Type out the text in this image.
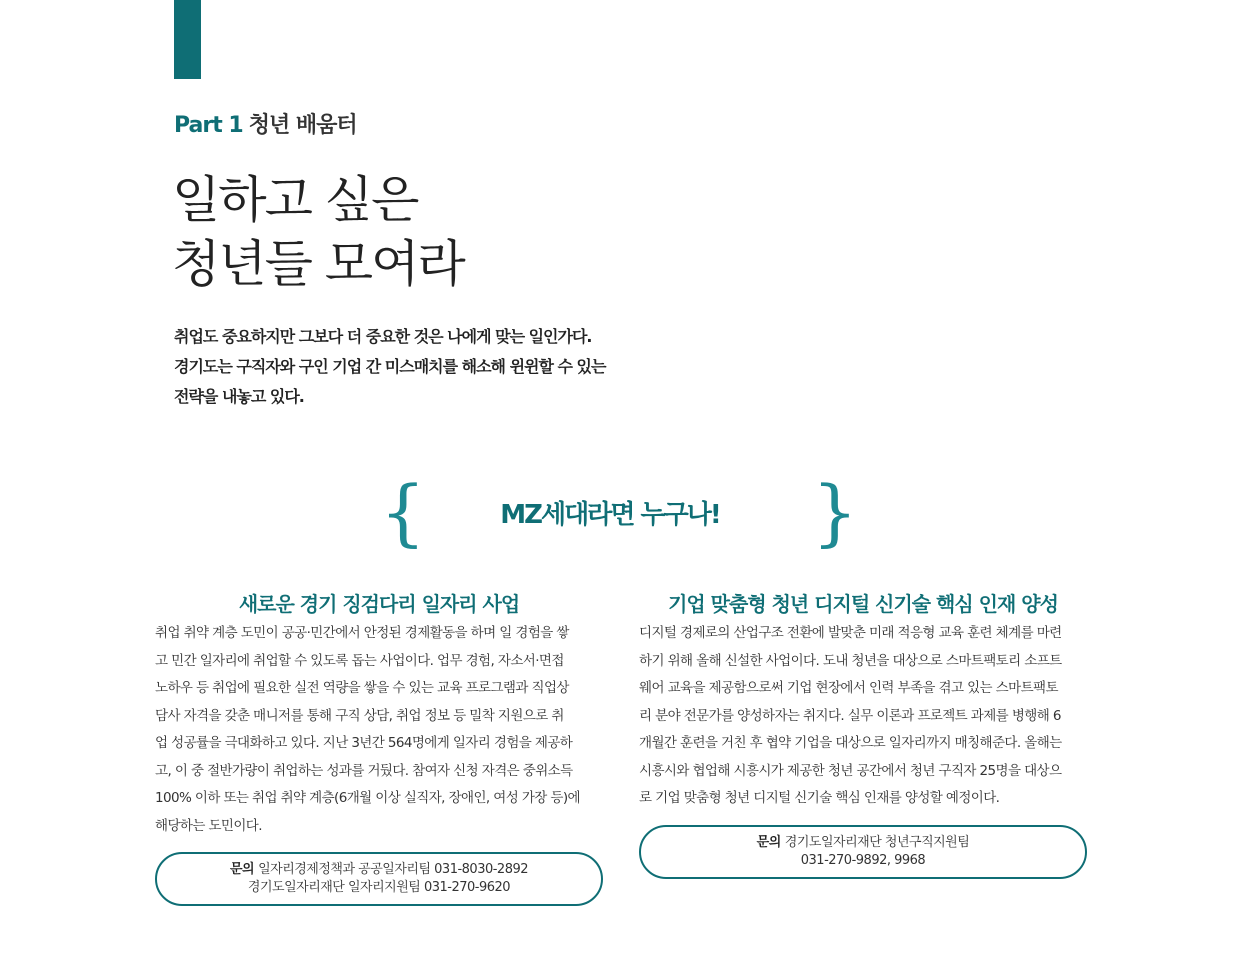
Part 1 청년 배움터
일하고 싶은
청년들 모여라
취업도 중요하지만 그보다 더 중요한 것은 나에게 맞는 일인가다.
경기도는 구직자와 구인 기업 간 미스매치를 해소해 윈윈할 수 있는
전략을 내놓고 있다.
{	MZ세대라면 누구나!	}
새로운 경기 징검다리 일자리 사업
취업 취약 계층 도민이 공공·민간에서 안정된 경제활동을 하며 일 경험을 쌓
고 민간 일자리에 취업할 수 있도록 돕는 사업이다. 업무 경험, 자소서·면접
노하우 등 취업에 필요한 실전 역량을 쌓을 수 있는 교육 프로그램과 직업상
담사 자격을 갖춘 매니저를 통해 구직 상담, 취업 정보 등 밀착 지원으로 취
업 성공률을 극대화하고 있다. 지난 3년간 564명에게 일자리 경험을 제공하
고, 이 중 절반가량이 취업하는 성과를 거뒀다. 참여자 신청 자격은 중위소득
100% 이하 또는 취업 취약 계층(6개월 이상 실직자, 장애인, 여성 가장 등)에
해당하는 도민이다.
문의 일자리경제정책과 공공일자리팀 031-8030-2892
경기도일자리재단 일자리지원팀 031-270-9620
기업 맞춤형 청년 디지털 신기술 핵심 인재 양성
디지털 경제로의 산업구조 전환에 발맞춘 미래 적응형 교육 훈련 체계를 마련
하기 위해 올해 신설한 사업이다. 도내 청년을 대상으로 스마트팩토리 소프트
웨어 교육을 제공함으로써 기업 현장에서 인력 부족을 겪고 있는 스마트팩토
리 분야 전문가를 양성하자는 취지다. 실무 이론과 프로젝트 과제를 병행해 6
개월간 훈련을 거친 후 협약 기업을 대상으로 일자리까지 매칭해준다. 올해는
시흥시와 협업해 시흥시가 제공한 청년 공간에서 청년 구직자 25명을 대상으
로 기업 맞춤형 청년 디지털 신기술 핵심 인재를 양성할 예정이다.
문의 경기도일자리재단 청년구직지원팀
031-270-9892, 9968
